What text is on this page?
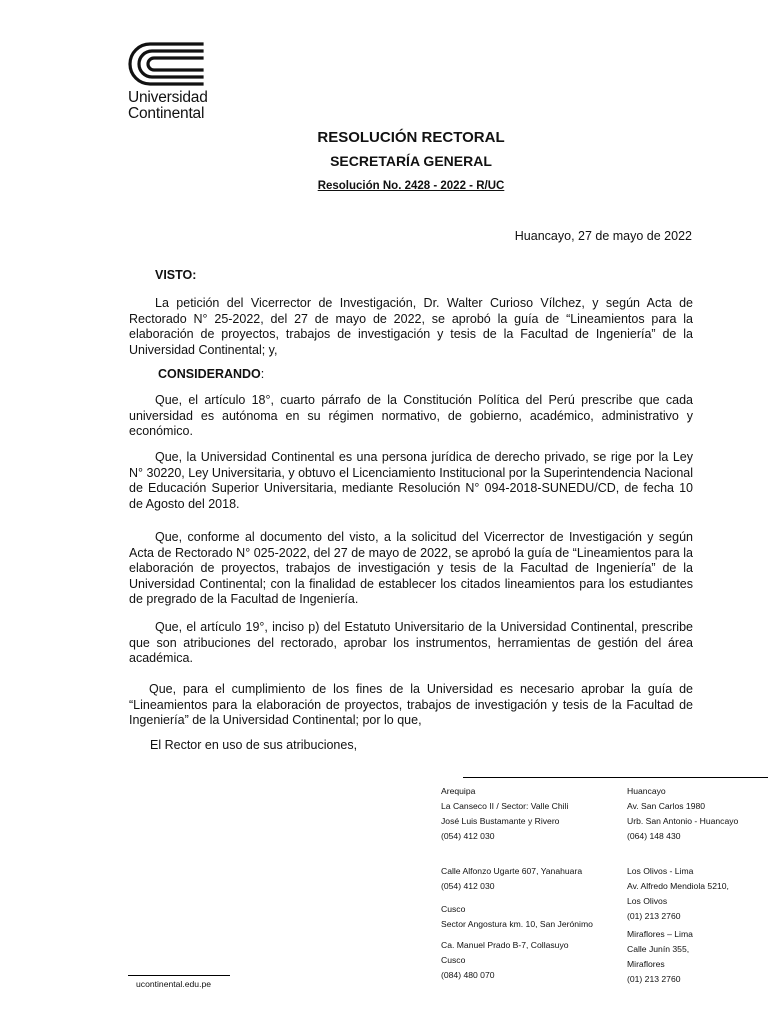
Universidad
Continental
RESOLUCIÓN RECTORAL
SECRETARÍA GENERAL
Resolución No. 2428 - 2022 - R/UC
Huancayo, 27 de mayo de 2022
VISTO:

La petición del Vicerrector de Investigación, Dr. Walter Curioso Vílchez, y según Acta de Rectorado N° 25-2022, del 27 de mayo de 2022, se aprobó la guía de “Lineamientos para la elaboración de proyectos, trabajos de investigación y tesis de la Facultad de Ingeniería” de la Universidad Continental; y,

CONSIDERANDO:

Que, el artículo 18°, cuarto párrafo de la Constitución Política del Perú prescribe que cada universidad es autónoma en su régimen normativo, de gobierno, académico, administrativo y económico.

Que, la Universidad Continental es una persona jurídica de derecho privado, se rige por la Ley N° 30220, Ley Universitaria, y obtuvo el Licenciamiento Institucional por la Superintendencia Nacional de Educación Superior Universitaria, mediante Resolución N° 094-2018-SUNEDU/CD, de fecha 10 de Agosto del 2018.

Que, conforme al documento del visto, a la solicitud del Vicerrector de Investigación y según Acta de Rectorado N° 025-2022, del 27 de mayo de 2022, se aprobó la guía de “Lineamientos para la elaboración de proyectos, trabajos de investigación y tesis de la Facultad de Ingeniería” de la Universidad Continental; con la finalidad de establecer los citados lineamientos para los estudiantes de pregrado de la Facultad de Ingeniería.

Que, el artículo 19°, inciso p) del Estatuto Universitario de la Universidad Continental, prescribe que son atribuciones del rectorado, aprobar los instrumentos, herramientas de gestión del área académica.

Que, para el cumplimiento de los fines de la Universidad es necesario aprobar la guía de “Lineamientos para la elaboración de proyectos, trabajos de investigación y tesis de la Facultad de Ingeniería” de la Universidad Continental; por lo que,

El Rector en uso de sus atribuciones,
Arequipa
La Canseco II / Sector: Valle Chili
José Luis Bustamante y Rivero
(054) 412 030
Calle Alfonzo Ugarte 607, Yanahuara
(054) 412 030
Cusco
Sector Angostura km. 10, San Jerónimo
Ca. Manuel Prado B-7, Collasuyo
Cusco
(084) 480 070
Huancayo
Av. San Carlos 1980
Urb. San Antonio - Huancayo
(064) 148 430
Los Olivos - Lima
Av. Alfredo Mendiola 5210,
Los Olivos
(01) 213 2760
Miraflores – Lima
Calle Junín 355,
Miraflores
(01) 213 2760
ucontinental.edu.pe
